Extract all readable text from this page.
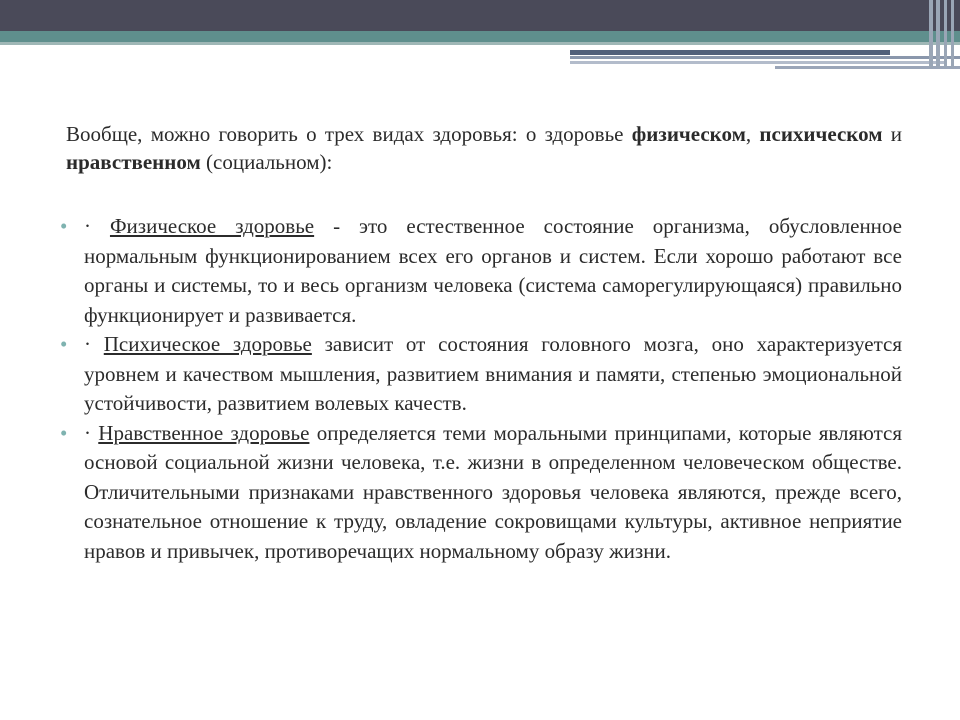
Вообще, можно говорить о трех видах здоровья: о здоровье физическом, психическом и нравственном (социальном):

• · Физическое здоровье - это естественное состояние организма, обусловленное нормальным функционированием всех его органов и систем. Если хорошо работают все органы и системы, то и весь организм человека (система саморегулирующаяся) правильно функционирует и развивается.
• · Психическое здоровье зависит от состояния головного мозга, оно характеризуется уровнем и качеством мышления, развитием внимания и памяти, степенью эмоциональной устойчивости, развитием волевых качеств.
• · Нравственное здоровье определяется теми моральными принципами, которые являются основой социальной жизни человека, т.е. жизни в определенном человеческом обществе. Отличительными признаками нравственного здоровья человека являются, прежде всего, сознательное отношение к труду, овладение сокровищами культуры, активное неприятие нравов и привычек, противоречащих нормальному образу жизни.
